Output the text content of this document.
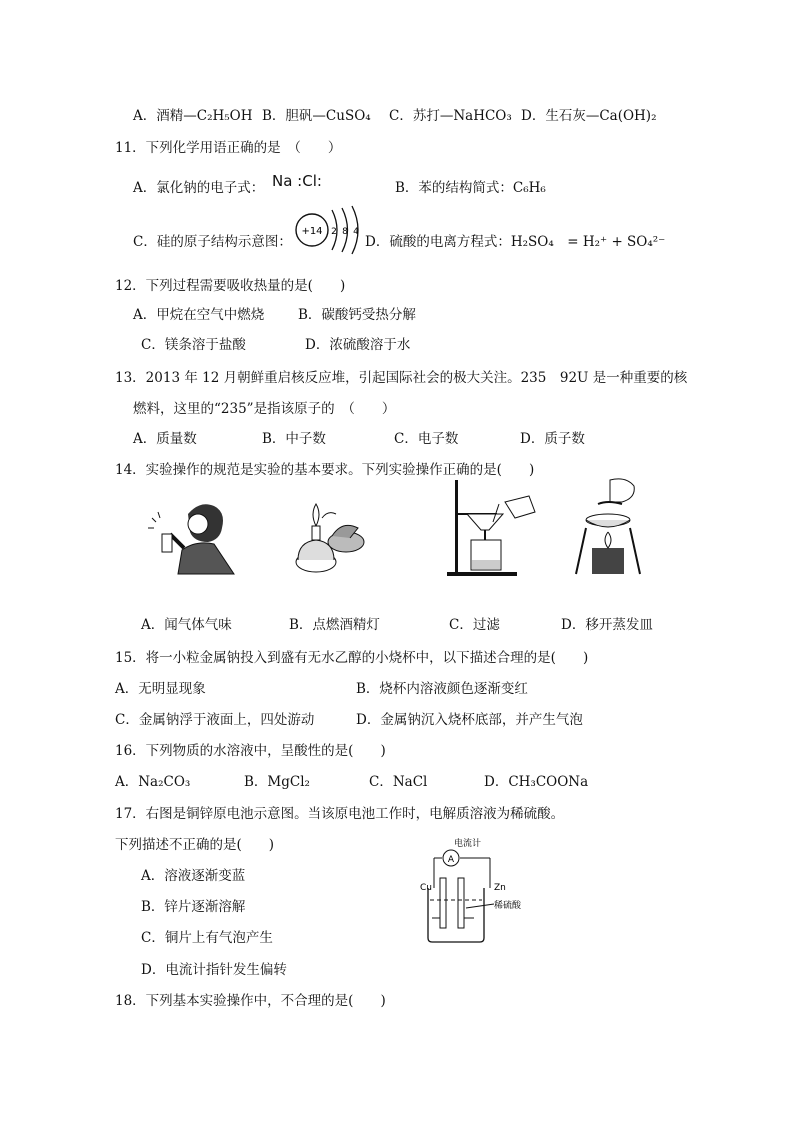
A．酒精—C₂H₅OH B．胆矾—CuSO₄ C．苏打—NaHCO₃ D．生石灰—Ca(OH)₂
11．下列化学用语正确的是　（　　）
A．氯化钠的电子式： Na :Cl:	B．苯的结构简式：C₆H₆
C．硅的原子结构示意图：
+14 2 8 4
D．硫酸的电离方程式：H₂SO₄　= H₂⁺ + SO₄²⁻
12．下列过程需要吸收热量的是(　　)
A．甲烷在空气中燃烧	B．碳酸钙受热分解
C．镁条溶于盐酸	D．浓硫酸溶于水
13．2013 年 12 月朝鲜重启核反应堆，引起国际社会的极大关注。235　92U 是一种重要的核
燃料，这里的“235”是指该原子的　（　　）
A．质量数	B．中子数	C．电子数	D．质子数
14．实验操作的规范是实验的基本要求。下列实验操作正确的是(　　)
A．闻气体气味	B．点燃酒精灯	C．过滤	D．移开蒸发皿
15．将一小粒金属钠投入到盛有无水乙醇的小烧杯中，以下描述合理的是(　　)
A．无明显现象	B．烧杯内溶液颜色逐渐变红
C．金属钠浮于液面上，四处游动	D．金属钠沉入烧杯底部，并产生气泡
16．下列物质的水溶液中，呈酸性的是(　　)
A．Na₂CO₃	B．MgCl₂	C．NaCl	D．CH₃COONa
17．右图是铜锌原电池示意图。当该原电池工作时，电解质溶液为稀硫酸。
下列描述不正确的是(　　)
A．溶液逐渐变蓝
B．锌片逐渐溶解
C．铜片上有气泡产生
D．电流计指针发生偏转
电流计
A
Cu	Zn
稀硫酸
18．下列基本实验操作中，不合理的是(　　)
